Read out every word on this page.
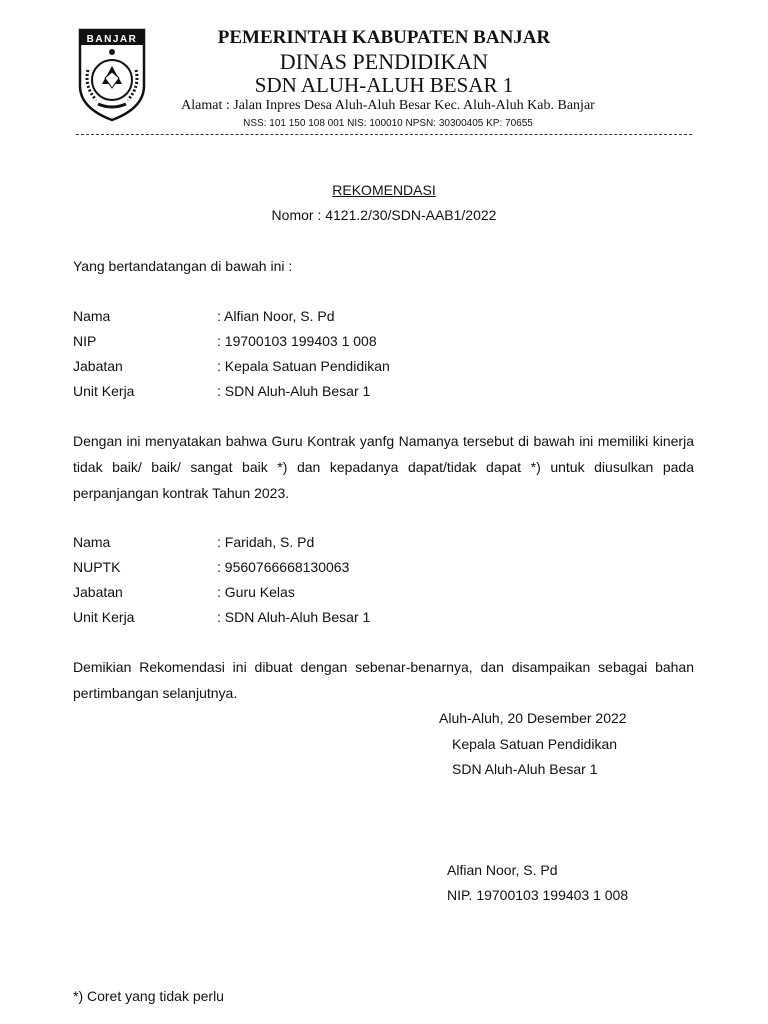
BANJAR	PEMERINTAH KABUPATEN BANJAR
DINAS PENDIDIKAN
SDN ALUH-ALUH BESAR 1
Alamat : Jalan Inpres Desa Aluh-Aluh Besar Kec. Aluh-Aluh Kab. Banjar
NSS: 101 150 108 001 NIS: 100010 NPSN: 30300405 KP: 70655
REKOMENDASI
Nomor : 4121.2/30/SDN-AAB1/2022
Yang bertandatangan di bawah ini :
Nama	: Alfian Noor, S. Pd
NIP	: 19700103 199403 1 008
Jabatan	: Kepala Satuan Pendidikan
Unit Kerja	: SDN Aluh-Aluh Besar 1
Dengan ini menyatakan bahwa Guru Kontrak yanfg Namanya tersebut di bawah ini memiliki kinerja tidak baik/ baik/ sangat baik *) dan kepadanya dapat/tidak dapat *) untuk diusulkan pada perpanjangan kontrak Tahun 2023.
Nama	: Faridah, S. Pd
NUPTK	: 9560766668130063
Jabatan	: Guru Kelas
Unit Kerja	: SDN Aluh-Aluh Besar 1
Demikian Rekomendasi ini dibuat dengan sebenar-benarnya, dan disampaikan sebagai bahan pertimbangan selanjutnya.
Aluh-Aluh, 20 Desember 2022
Kepala Satuan Pendidikan
SDN Aluh-Aluh Besar 1
Alfian Noor, S. Pd
NIP. 19700103 199403 1 008
*) Coret yang tidak perlu
